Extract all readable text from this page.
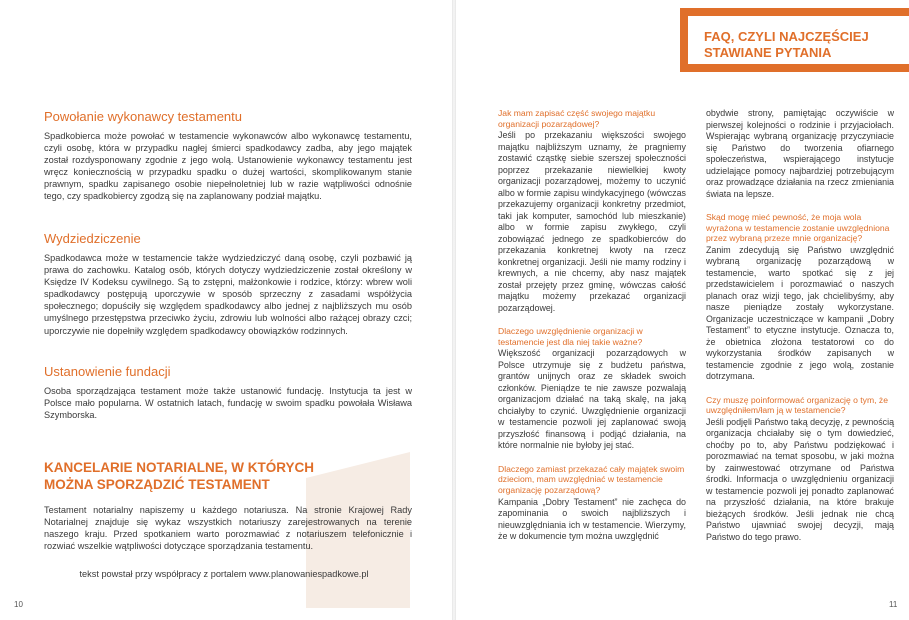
Powołanie wykonawcy testamentu

Spadkobierca może powołać w testamencie wykonawców albo wykonawcę testamentu, czyli osobę, która w przypadku nagłej śmierci spadkodawcy zadba, aby jego majątek został rozdysponowany zgodnie z jego wolą. Ustanowienie wykonawcy testamentu jest wręcz koniecznością w przypadku spadku o dużej wartości, skomplikowanym stanie prawnym, spadku zapisanego osobie niepełnoletniej lub w razie wątpliwości odnośnie tego, czy spadkobiercy zgodzą się na zaplanowany podział majątku.

Wydziedziczenie

Spadkodawca może w testamencie także wydziedziczyć daną osobę, czyli pozbawić ją prawa do zachowku. Katalog osób, których dotyczy wydziedziczenie został określony w Księdze IV Kodeksu cywilnego. Są to zstępni, małżonkowie i rodzice, którzy: wbrew woli spadkodawcy postępują uporczywie w sposób sprzeczny z zasadami współżycia społecznego; dopuściły się względem spadkodawcy albo jednej z najbliższych mu osób umyślnego przestępstwa przeciwko życiu, zdrowiu lub wolności albo rażącej obrazy czci; uporczywie nie dopełniły względem spadkodawcy obowiązków rodzinnych.

Ustanowienie fundacji

Osoba sporządzająca testament może także ustanowić fundację. Instytucja ta jest w Polsce mało popularna. W ostatnich latach, fundację w swoim spadku powołała Wisława Szymborska.

KANCELARIE NOTARIALNE, W KTÓRYCH MOŻNA SPORZĄDZIĆ TESTAMENT

Testament notarialny napiszemy u każdego notariusza. Na stronie Krajowej Rady Notarialnej znajduje się wykaz wszystkich notariuszy zarejestrowanych na terenie naszego kraju. Przed spotkaniem warto porozmawiać z notariuszem telefonicznie i rozwiać wszelkie wątpliwości dotyczące sporządzania testamentu.

tekst powstał przy współpracy z portalem www.planowaniespadkowe.pl

10	11

FAQ, CZYLI NAJCZĘŚCIEJ STAWIANE PYTANIA

Jak mam zapisać część swojego majątku organizacji pozarządowej?

Jeśli po przekazaniu większości swojego majątku najbliższym uznamy, że pragniemy zostawić cząstkę siebie szerszej społeczności poprzez przekazanie niewielkiej kwoty organizacji pozarządowej, możemy to uczynić albo w formie zapisu windykacyjnego (wówczas przekazujemy organizacji konkretny przedmiot, taki jak komputer, samochód lub mieszkanie) albo w formie zapisu zwykłego, czyli zobowiązać jednego ze spadkobierców do przekazania konkretnej kwoty na rzecz konkretnej organizacji. Jeśli nie mamy rodziny i krewnych, a nie chcemy, aby nasz majątek został przejęty przez gminę, wówczas całość majątku możemy przekazać organizacji pozarządowej.

Dlaczego uwzględnienie organizacji w testamencie jest dla niej takie ważne?

Większość organizacji pozarządowych w Polsce utrzymuje się z budżetu państwa, grantów unijnych oraz ze składek swoich członków. Pieniądze te nie zawsze pozwalają organizacjom działać na taką skalę, na jaką chciałyby to czynić. Uwzględnienie organizacji w testamencie pozwoli jej zaplanować swoją przyszłość finansową i podjąć działania, na które normalnie nie byłoby jej stać.

Dlaczego zamiast przekazać cały majątek swoim dzieciom, mam uwzględniać w testamencie organizację pozarządową?

Kampania „Dobry Testament” nie zachęca do zapominania o swoich najbliższych i nieuwzględniania ich w testamencie. Wierzymy, że w dokumencie tym można uwzględnić

obydwie strony, pamiętając oczywiście w pierwszej kolejności o rodzinie i przyjaciołach. Wspierając wybraną organizację przyczyniacie się Państwo do tworzenia ofiarnego społeczeństwa, wspierającego instytucje udzielające pomocy najbardziej potrzebującym oraz prowadzące działania na rzecz zmieniania świata na lepsze.

Skąd mogę mieć pewność, że moja wola wyrażona w testamencie zostanie uwzględniona przez wybraną przeze mnie organizację?

Zanim zdecydują się Państwo uwzględnić wybraną organizację pozarządową w testamencie, warto spotkać się z jej przedstawicielem i porozmawiać o naszych planach oraz wizji tego, jak chcielibyśmy, aby nasze pieniądze zostały wykorzystane. Organizacje uczestniczące w kampanii „Dobry Testament” to etyczne instytucje. Oznacza to, że obietnica złożona testatorowi co do wykorzystania środków zapisanych w testamencie zgodnie z jego wolą, zostanie dotrzymana.

Czy muszę poinformować organizację o tym, że uwzględniłem/łam ją w testamencie?

Jeśli podjęli Państwo taką decyzję, z pewnością organizacja chciałaby się o tym dowiedzieć, choćby po to, aby Państwu podziękować i porozmawiać na temat sposobu, w jaki można by zainwestować otrzymane od Państwa środki. Informacja o uwzględnieniu organizacji w testamencie pozwoli jej ponadto zaplanować na przyszłość działania, na które brakuje bieżących środków. Jeśli jednak nie chcą Państwo ujawniać swojej decyzji, mają Państwo do tego prawo.
